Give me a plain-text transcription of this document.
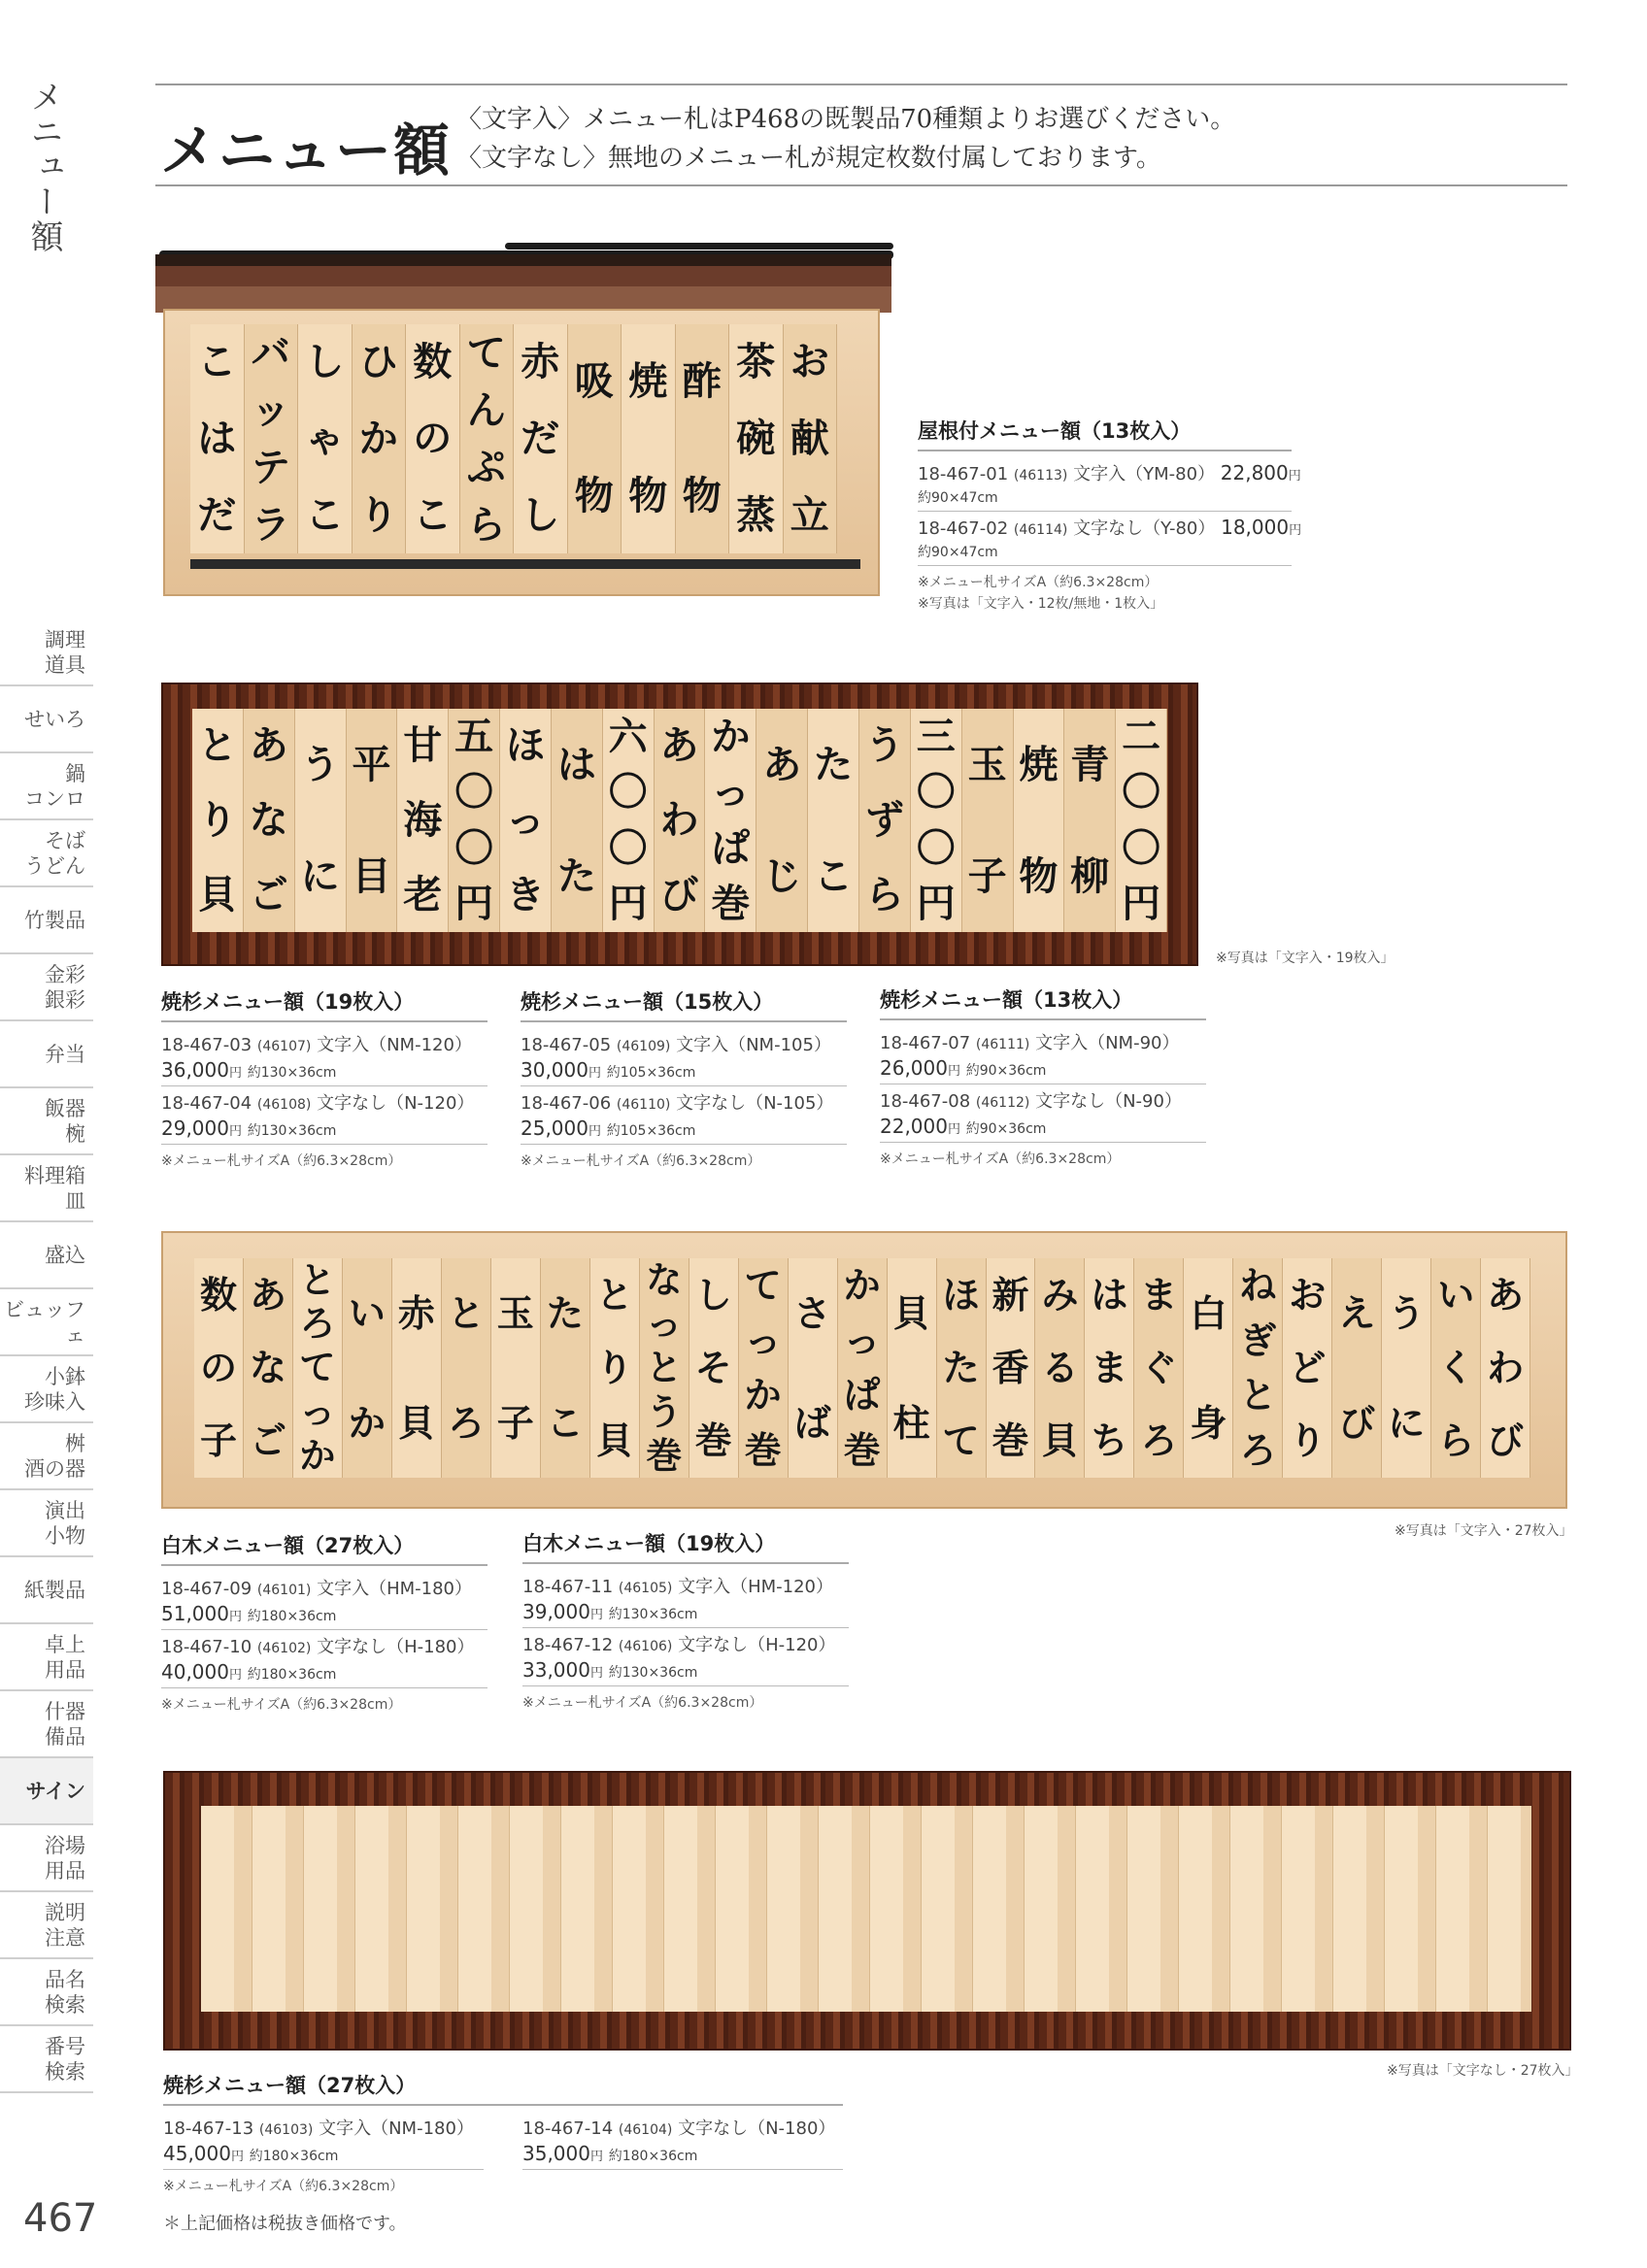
メニュー額 メニュー額 〈文字入〉メニュー札はP468の既製品70種類よりお選びください。
〈文字なし〉無地のメニュー札が規定枚数付属しております。
調理
道具
せいろ
鍋
コンロ
そば
うどん
竹製品
金彩
銀彩
弁当
飯器
椀
料理箱
皿
盛込
ビュッフェ
小鉢
珍味入
桝
酒の器
演出
小物
紙製品
卓上
用品
什器
備品
サイン
浴場
用品
説明
注意
品名
検索
番号
検索
こ
は
だ
バ
ッ
テ
ラ
し
ゃ
こ
ひ
か
り
数
の
こ
て
ん
ぷ
ら
赤
だ
し
吸
物
焼
物
酢
物
茶
碗
蒸
お
献
立
屋根付メニュー額（13枚入）
18-467-01 (46113) 文字入（YM-80） 22,800円
約90×47cm
18-467-02 (46114) 文字なし（Y-80） 18,000円
約90×47cm
※メニュー札サイズA（約6.3×28cm）
※写真は「文字入・12枚/無地・1枚入」
と
り
貝
あ
な
ご
う
に
平
目
甘
海
老
五
〇
〇
円
ほ
っ
き
は
た
六
〇
〇
円
あ
わ
び
か
っ
ぱ
巻
あ
じ
た
こ
う
ず
ら
三
〇
〇
円
玉
子
焼
物
青
柳
二
〇
〇
円
※写真は「文字入・19枚入」
焼杉メニュー額（19枚入）
18-467-03 (46107) 文字入（NM-120）
36,000円 約130×36cm
18-467-04 (46108) 文字なし（N-120）
29,000円 約130×36cm
※メニュー札サイズA（約6.3×28cm）
焼杉メニュー額（15枚入）
18-467-05 (46109) 文字入（NM-105）
30,000円 約105×36cm
18-467-06 (46110) 文字なし（N-105）
25,000円 約105×36cm
※メニュー札サイズA（約6.3×28cm）
焼杉メニュー額（13枚入）
18-467-07 (46111) 文字入（NM-90）
26,000円 約90×36cm
18-467-08 (46112) 文字なし（N-90）
22,000円 約90×36cm
※メニュー札サイズA（約6.3×28cm）
数
の
子
あ
な
ご
と
ろ
て
っ
か
い
か
赤
貝
と
ろ
玉
子
た
こ
と
り
貝
な
っ
と
う
巻
し
そ
巻
て
っ
か
巻
さ
ば
か
っ
ぱ
巻
貝
柱
ほ
た
て
新
香
巻
み
る
貝
は
ま
ち
ま
ぐ
ろ
白
身
ね
ぎ
と
ろ
お
ど
り
え
び
う
に
い
く
ら
あ
わ
び
※写真は「文字入・27枚入」
白木メニュー額（27枚入）
18-467-09 (46101) 文字入（HM-180）
51,000円 約180×36cm
18-467-10 (46102) 文字なし（H-180）
40,000円 約180×36cm
※メニュー札サイズA（約6.3×28cm）
白木メニュー額（19枚入）
18-467-11 (46105) 文字入（HM-120）
39,000円 約130×36cm
18-467-12 (46106) 文字なし（H-120）
33,000円 約130×36cm
※メニュー札サイズA（約6.3×28cm）
※写真は「文字なし・27枚入」
焼杉メニュー額（27枚入）
18-467-13 (46103) 文字入（NM-180）
45,000円 約180×36cm
18-467-14 (46104) 文字なし（N-180）
35,000円 約180×36cm
※メニュー札サイズA（約6.3×28cm）
467	＊上記価格は税抜き価格です。
